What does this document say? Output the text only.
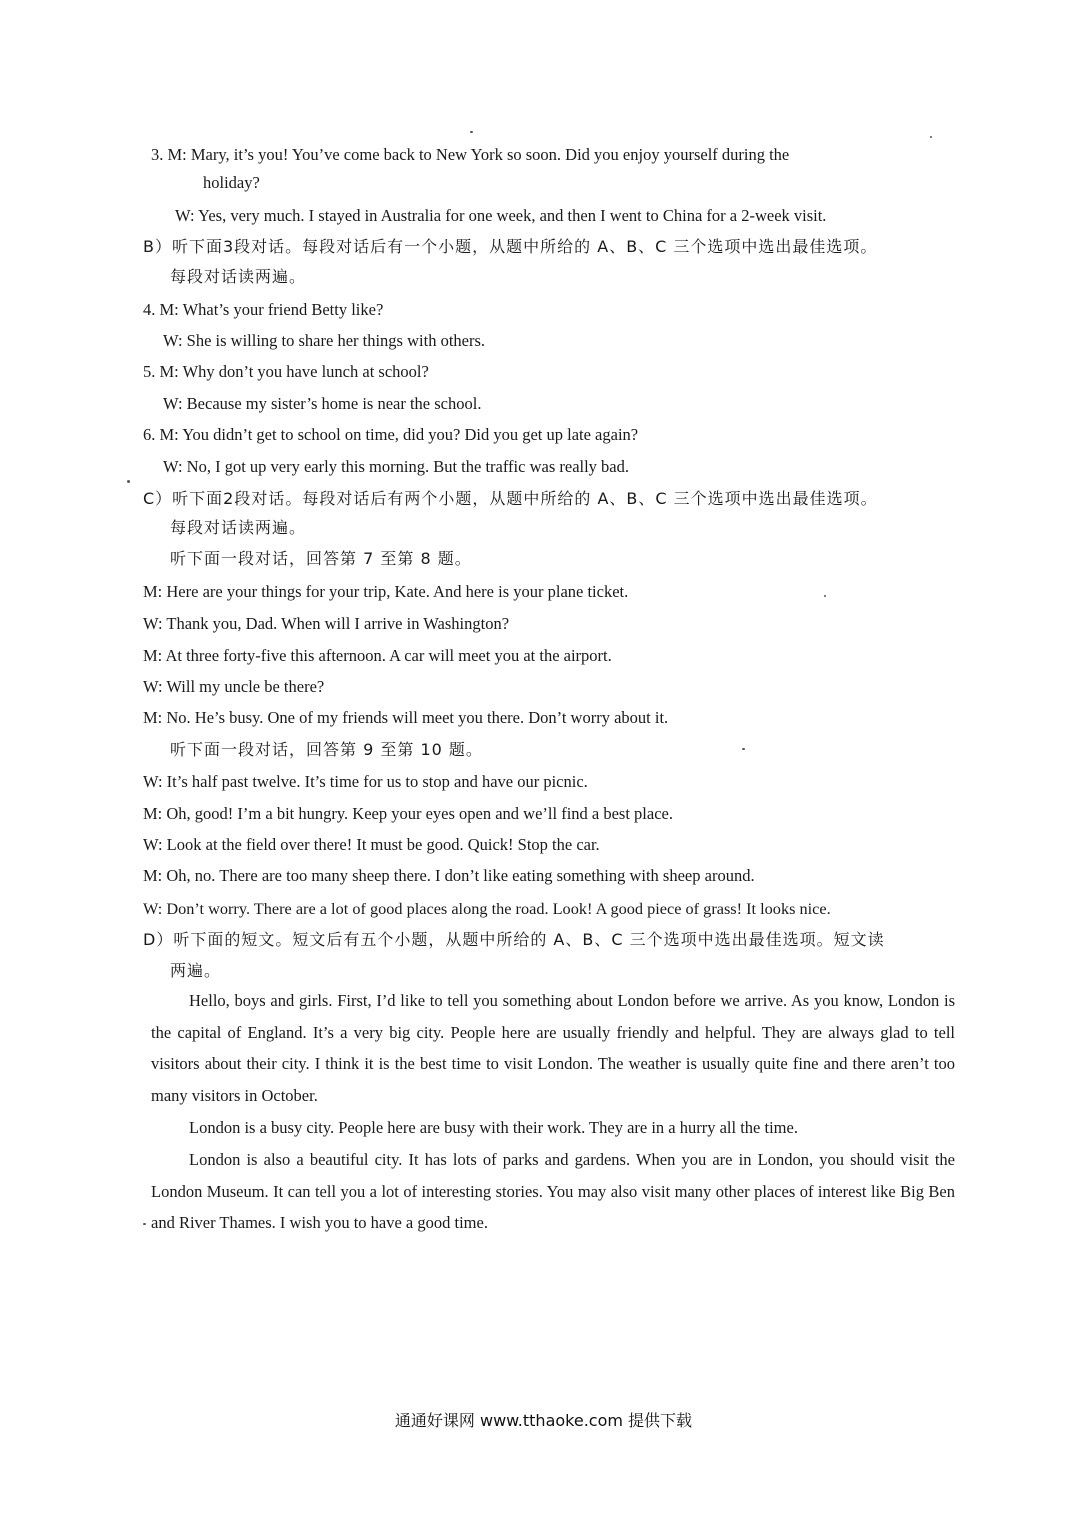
3. M: Mary, it’s you! You’ve come back to New York so soon. Did you enjoy yourself during the
holiday?
W: Yes, very much. I stayed in Australia for one week, and then I went to China for a 2-week visit.
B）听下面3段对话。每段对话后有一个小题，从题中所给的 A、B、C 三个选项中选出最佳选项。
每段对话读两遍。
4. M: What’s your friend Betty like?
W: She is willing to share her things with others.
5. M: Why don’t you have lunch at school?
W: Because my sister’s home is near the school.
6. M: You didn’t get to school on time, did you? Did you get up late again?
W: No, I got up very early this morning. But the traffic was really bad.
C）听下面2段对话。每段对话后有两个小题，从题中所给的 A、B、C 三个选项中选出最佳选项。
每段对话读两遍。
听下面一段对话，回答第 7 至第 8 题。
M: Here are your things for your trip, Kate. And here is your plane ticket.
W: Thank you, Dad. When will I arrive in Washington?
M: At three forty-five this afternoon. A car will meet you at the airport.
W: Will my uncle be there?
M: No. He’s busy. One of my friends will meet you there. Don’t worry about it.
听下面一段对话，回答第 9 至第 10 题。
W: It’s half past twelve. It’s time for us to stop and have our picnic.
M: Oh, good! I’m a bit hungry. Keep your eyes open and we’ll find a best place.
W: Look at the field over there! It must be good. Quick! Stop the car.
M: Oh, no. There are too many sheep there. I don’t like eating something with sheep around.
W: Don’t worry. There are a lot of good places along the road. Look! A good piece of grass! It looks nice.
D）听下面的短文。短文后有五个小题，从题中所给的 A、B、C 三个选项中选出最佳选项。短文读
两遍。

Hello, boys and girls. First, I’d like to tell you something about London before we arrive. As you know, London is the capital of England. It’s a very big city. People here are usually friendly and helpful. They are always glad to tell visitors about their city. I think it is the best time to visit London. The weather is usually quite fine and there aren’t too many visitors in October.

London is a busy city. People here are busy with their work. They are in a hurry all the time.

London is also a beautiful city. It has lots of parks and gardens. When you are in London, you should visit the London Museum. It can tell you a lot of interesting stories. You may also visit many other places of interest like Big Ben and River Thames. I wish you to have a good time.

通通好课网 www.tthaoke.com 提供下载
